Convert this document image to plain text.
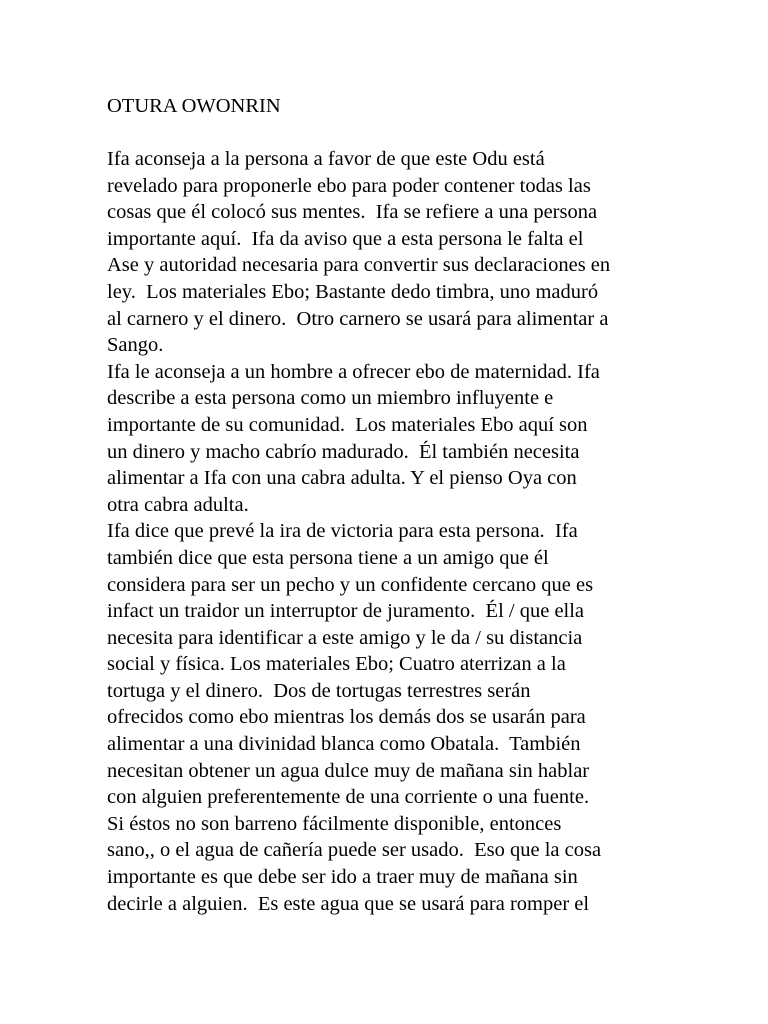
OTURA OWONRIN
Ifa aconseja a la persona a favor de que este Odu está
revelado para proponerle ebo para poder contener todas las
cosas que él colocó sus mentes.  Ifa se refiere a una persona
importante aquí.  Ifa da aviso que a esta persona le falta el
Ase y autoridad necesaria para convertir sus declaraciones en
ley.  Los materiales Ebo; Bastante dedo timbra, uno maduró
al carnero y el dinero.  Otro carnero se usará para alimentar a
Sango.
Ifa le aconseja a un hombre a ofrecer ebo de maternidad. Ifa
describe a esta persona como un miembro influyente e
importante de su comunidad.  Los materiales Ebo aquí son
un dinero y macho cabrío madurado.  Él también necesita
alimentar a Ifa con una cabra adulta. Y el pienso Oya con
otra cabra adulta.
Ifa dice que prevé la ira de victoria para esta persona.  Ifa
también dice que esta persona tiene a un amigo que él
considera para ser un pecho y un confidente cercano que es
infact un traidor un interruptor de juramento.  Él / que ella
necesita para identificar a este amigo y le da / su distancia
social y física. Los materiales Ebo; Cuatro aterrizan a la
tortuga y el dinero.  Dos de tortugas terrestres serán
ofrecidos como ebo mientras los demás dos se usarán para
alimentar a una divinidad blanca como Obatala.  También
necesitan obtener un agua dulce muy de mañana sin hablar
con alguien preferentemente de una corriente o una fuente.
Si éstos no son barreno fácilmente disponible, entonces
sano,, o el agua de cañería puede ser usado.  Eso que la cosa
importante es que debe ser ido a traer muy de mañana sin
decirle a alguien.  Es este agua que se usará para romper el
